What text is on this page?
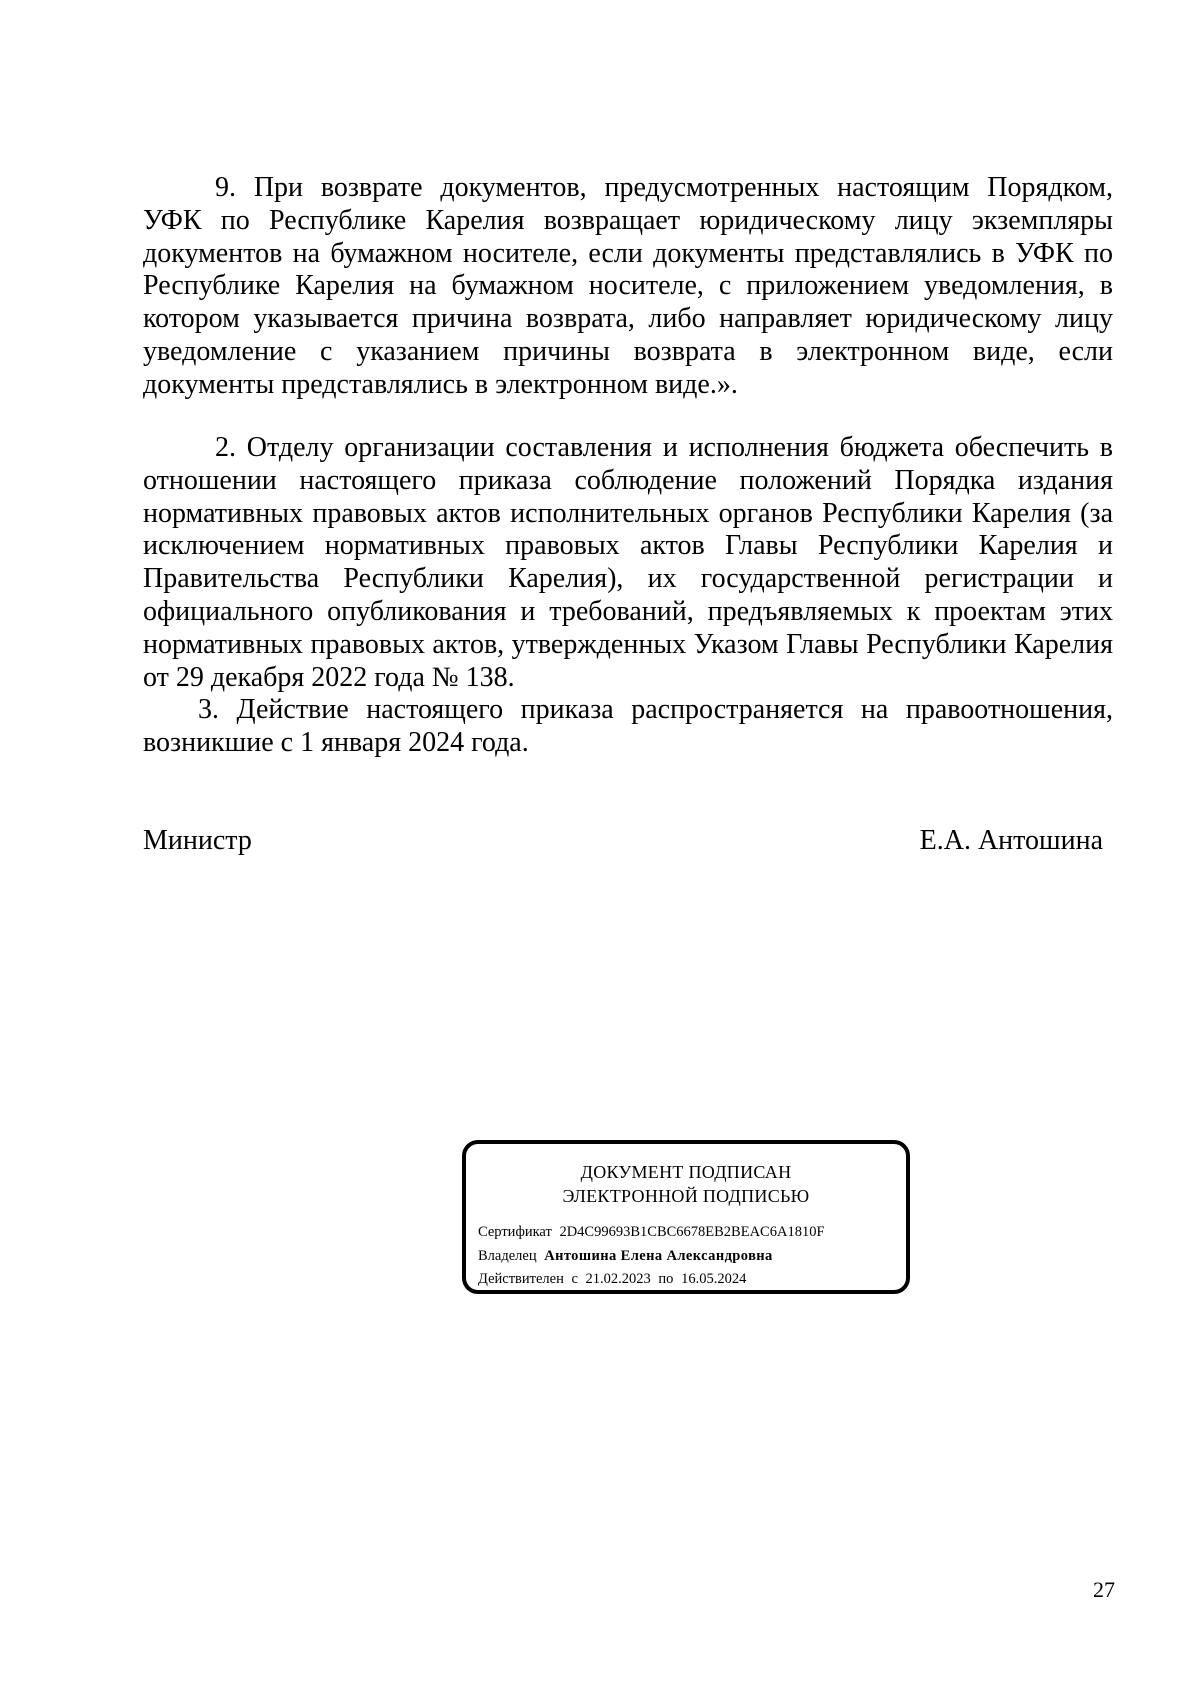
9. При возврате документов, предусмотренных настоящим Порядком, УФК по Республике Карелия возвращает юридическому лицу экземпляры документов на бумажном носителе, если документы представлялись в УФК по Республике Карелия на бумажном носителе, с приложением уведомления, в котором указывается причина возврата, либо направляет юридическому лицу уведомление с указанием причины возврата в электронном виде, если документы представлялись в электронном виде.».

2. Отделу организации составления и исполнения бюджета обеспечить в отношении настоящего приказа соблюдение положений Порядка издания нормативных правовых актов исполнительных органов Республики Карелия (за исключением нормативных правовых актов Главы Республики Карелия и Правительства Республики Карелия), их государственной регистрации и официального опубликования и требований, предъявляемых к проектам этих нормативных правовых актов, утвержденных Указом Главы Республики Карелия от 29 декабря 2022 года № 138.

3. Действие настоящего приказа распространяется на правоотношения, возникшие с 1 января 2024 года.

Министр	Е.А. Антошина
ДОКУМЕНТ ПОДПИСАН
ЭЛЕКТРОННОЙ ПОДПИСЬЮ
Сертификат 2D4C99693B1CBC6678EB2BEAC6A1810F
Владелец Антошина Елена Александровна
Действителен с 21.02.2023 по 16.05.2024
27
